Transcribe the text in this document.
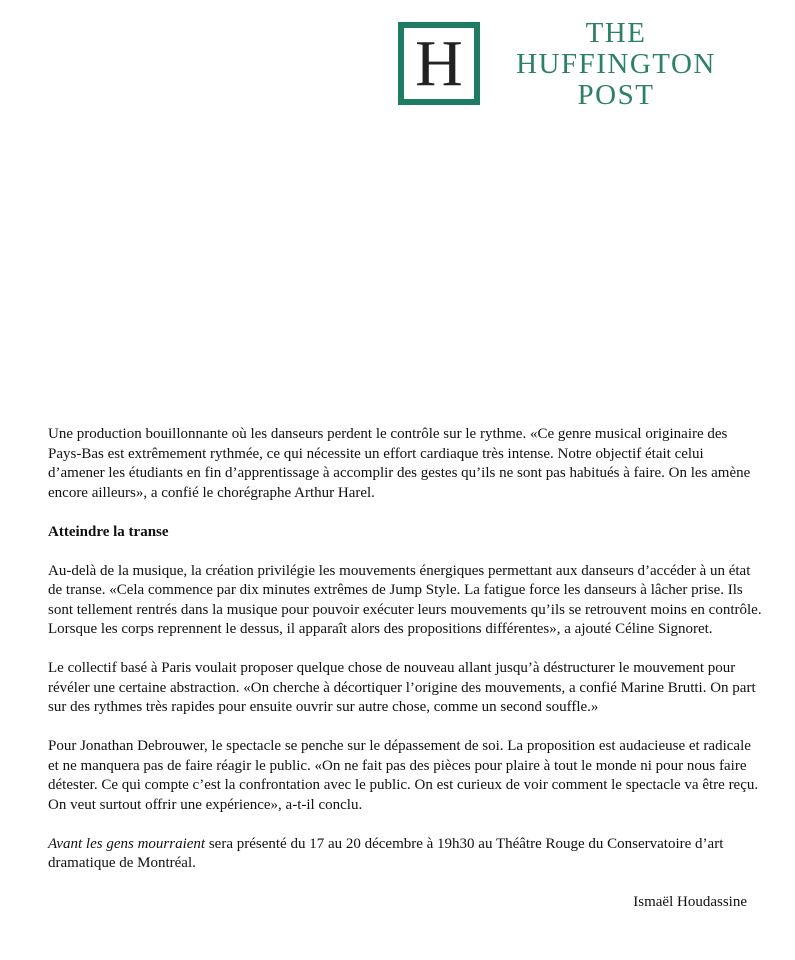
H	THE
HUFFINGTON
POST

Une production bouillonnante où les danseurs perdent le contrôle sur le rythme. «Ce genre musical originaire des Pays-Bas est extrêmement rythmée, ce qui nécessite un effort cardiaque très intense. Notre objectif était celui d’amener les étudiants en fin d’apprentissage à accomplir des gestes qu’ils ne sont pas habitués à faire. On les amène encore ailleurs», a confié le chorégraphe Arthur Harel.

Atteindre la transe

Au-delà de la musique, la création privilégie les mouvements énergiques permettant aux danseurs d’accéder à un état de transe. «Cela commence par dix minutes extrêmes de Jump Style. La fatigue force les danseurs à lâcher prise. Ils sont tellement rentrés dans la musique pour pouvoir exécuter leurs mouvements qu’ils se retrouvent moins en contrôle. Lorsque les corps reprennent le dessus, il apparaît alors des propositions différentes», a ajouté Céline Signoret.

Le collectif basé à Paris voulait proposer quelque chose de nouveau allant jusqu’à déstructurer le mouvement pour révéler une certaine abstraction. «On cherche à décortiquer l’origine des mouvements, a confié Marine Brutti. On part sur des rythmes très rapides pour ensuite ouvrir sur autre chose, comme un second souffle.»

Pour Jonathan Debrouwer, le spectacle se penche sur le dépassement de soi. La proposition est audacieuse et radicale et ne manquera pas de faire réagir le public. «On ne fait pas des pièces pour plaire à tout le monde ni pour nous faire détester. Ce qui compte c’est la confrontation avec le public. On est curieux de voir comment le spectacle va être reçu. On veut surtout offrir une expérience», a-t-il conclu.

Avant les gens mourraient sera présenté du 17 au 20 décembre à 19h30 au Théâtre Rouge du Conservatoire d’art dramatique de Montréal.

Ismaël Houdassine
